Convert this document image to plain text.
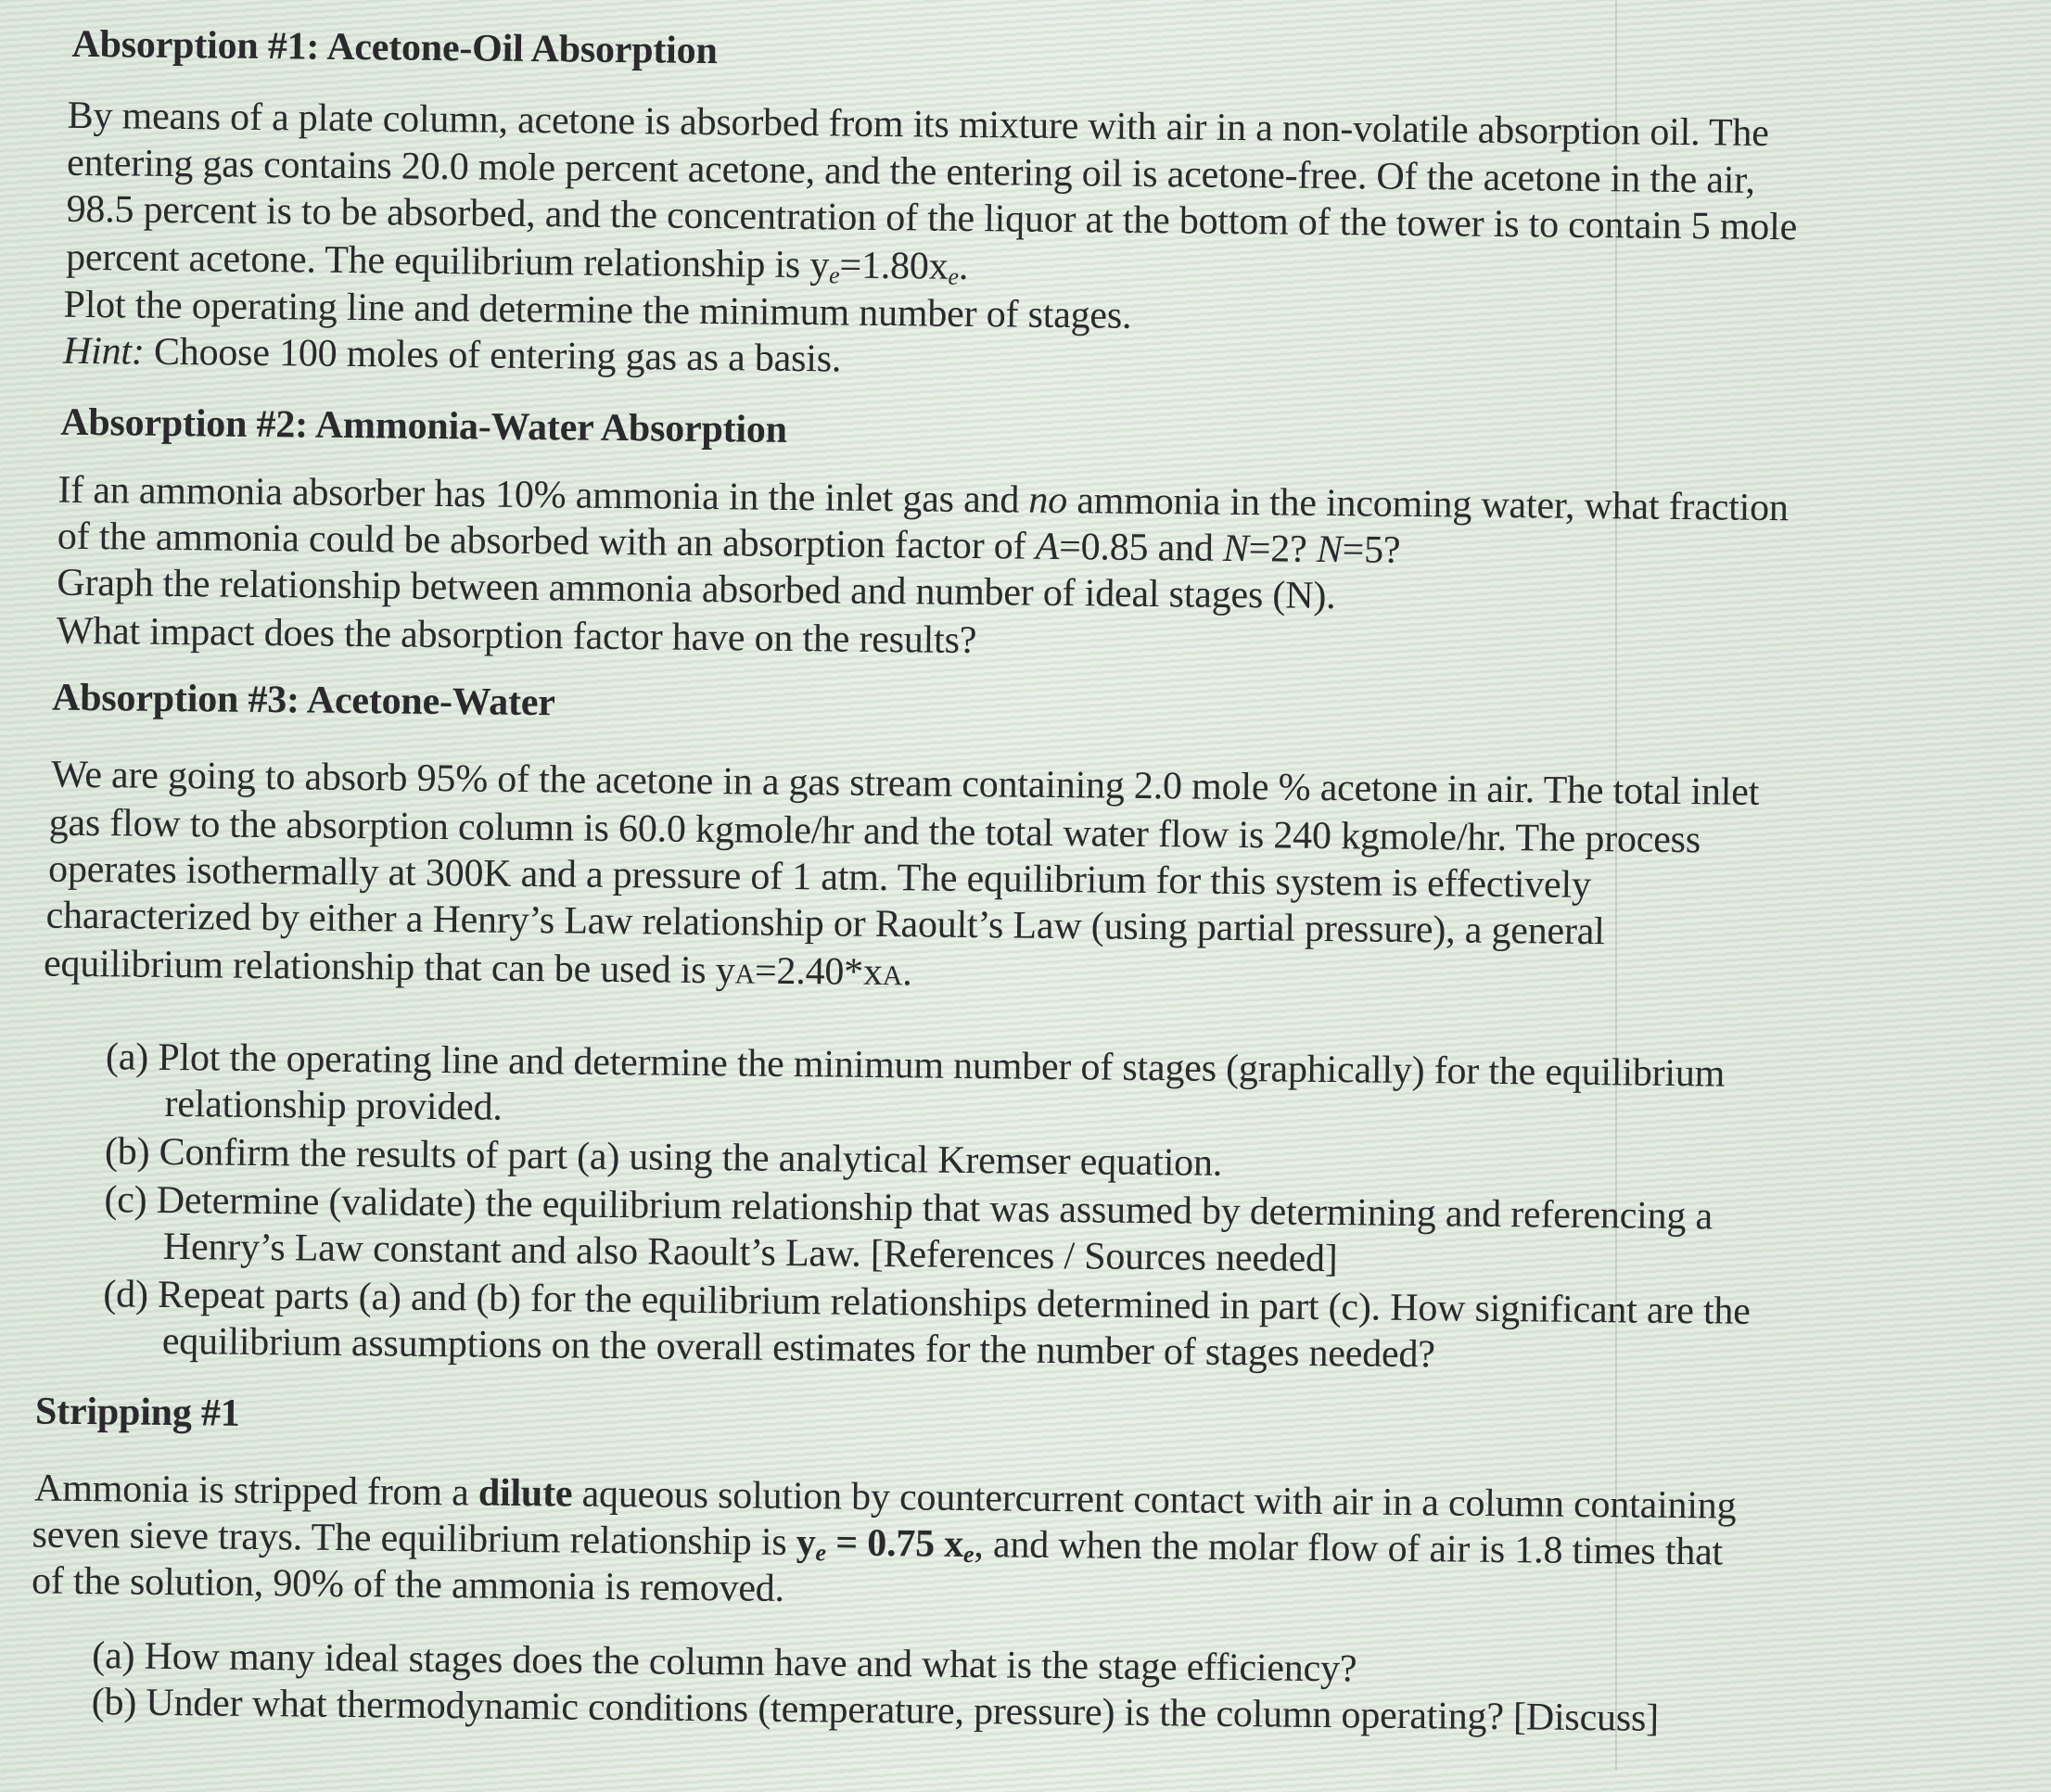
Absorption #1: Acetone-Oil Absorption
By means of a plate column, acetone is absorbed from its mixture with air in a non-volatile absorption oil. The
entering gas contains 20.0 mole percent acetone, and the entering oil is acetone-free. Of the acetone in the air,
98.5 percent is to be absorbed, and the concentration of the liquor at the bottom of the tower is to contain 5 mole
percent acetone. The equilibrium relationship is $y_e=1.80x_e$.
Plot the operating line and determine the minimum number of stages.
Hint: Choose 100 moles of entering gas as a basis.
Absorption #2: Ammonia-Water Absorption
If an ammonia absorber has 10% ammonia in the inlet gas and no ammonia in the incoming water, what fraction
of the ammonia could be absorbed with an absorption factor of A=0.85 and N=2? N=5?
Graph the relationship between ammonia absorbed and number of ideal stages (N).
What impact does the absorption factor have on the results?
Absorption #3: Acetone-Water
We are going to absorb 95% of the acetone in a gas stream containing 2.0 mole % acetone in air. The total inlet
gas flow to the absorption column is 60.0 kgmole/hr and the total water flow is 240 kgmole/hr. The process
operates isothermally at 300K and a pressure of 1 atm. The equilibrium for this system is effectively
characterized by either a Henry’s Law relationship or Raoult’s Law (using partial pressure), a general
equilibrium relationship that can be used is yA=2.40*xA.
(a) Plot the operating line and determine the minimum number of stages (graphically) for the equilibrium
relationship provided.
(b) Confirm the results of part (a) using the analytical Kremser equation.
(c) Determine (validate) the equilibrium relationship that was assumed by determining and referencing a
Henry’s Law constant and also Raoult’s Law. [References / Sources needed]
(d) Repeat parts (a) and (b) for the equilibrium relationships determined in part (c). How significant are the
equilibrium assumptions on the overall estimates for the number of stages needed?
Stripping #1
Ammonia is stripped from a dilute aqueous solution by countercurrent contact with air in a column containing
seven sieve trays. The equilibrium relationship is $y_e = 0.75$ $x_e$, and when the molar flow of air is 1.8 times that
of the solution, 90% of the ammonia is removed.
(a) How many ideal stages does the column have and what is the stage efficiency?
(b) Under what thermodynamic conditions (temperature, pressure) is the column operating? [Discuss]
